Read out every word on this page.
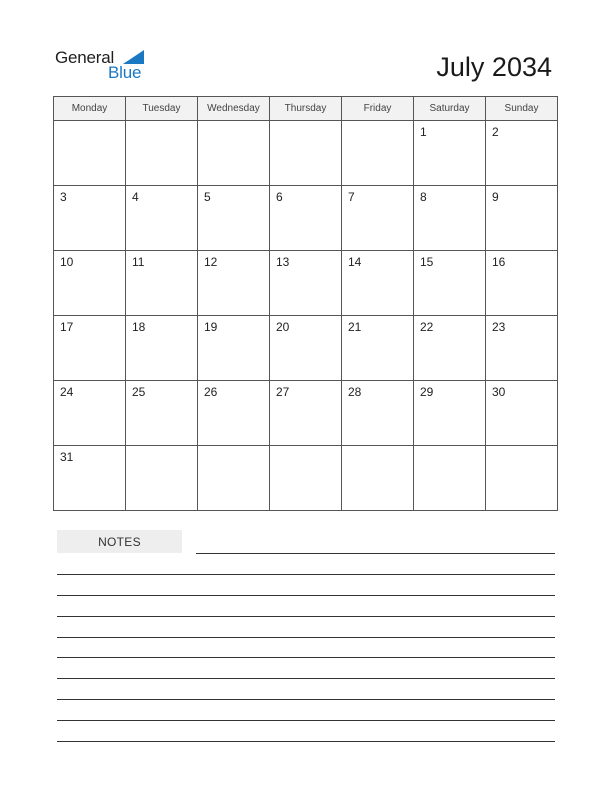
General
Blue	July 2034
Monday	Tuesday	Wednesday	Thursday	Friday	Saturday	Sunday

					1	2

3	4	5	6	7	8	9

10	11	12	13	14	15	16

17	18	19	20	21	22	23

24	25	26	27	28	29	30

31						

NOTES
